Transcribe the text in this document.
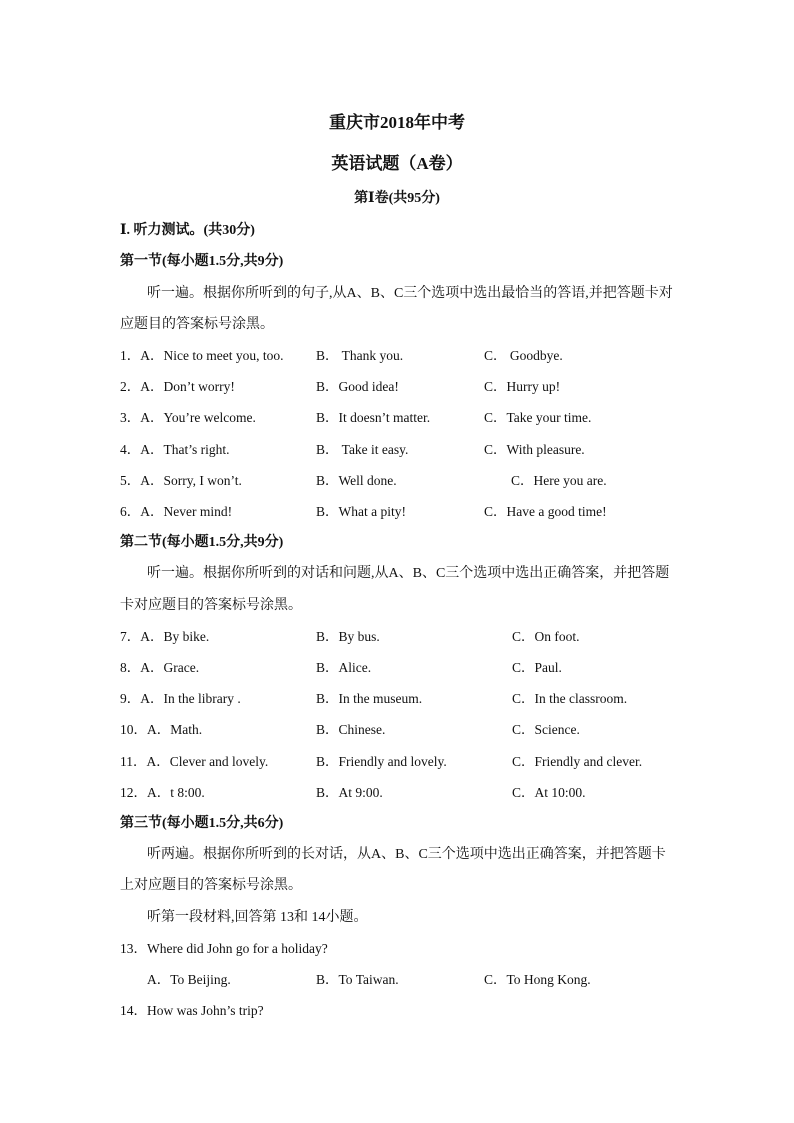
重庆市2018年中考
英语试题（A卷）
第Ⅰ卷(共95分)
Ⅰ. 听力测试。(共30分)
第一节(每小题1.5分,共9分)
听一遍。根据你所听到的句子,从A、B、C三个选项中选出最恰当的答语,并把答题卡对
应题目的答案标号涂黑。
1．A．Nice to meet you, too. B． Thank you.	C． Goodbye.
2．A．Don’t worry!	B．Good idea!	C．Hurry up!
3．A．You’re welcome.	B．It doesn’t matter.	C．Take your time.
4．A．That’s right.	B． Take it easy.	C．With pleasure.
5．A．Sorry, I won’t.	B．Well done.	C．Here you are.
6．A．Never mind!	B．What a pity!	C．Have a good time!
第二节(每小题1.5分,共9分)
听一遍。根据你所听到的对话和问题,从A、B、C三个选项中选出正确答案，并把答题
卡对应题目的答案标号涂黑。
7．A．By bike.	B．By bus.	C．On foot.
8．A．Grace.	B．Alice.	C．Paul.
9．A．In the library .	B．In the museum.	C．In the classroom.
10．A．Math.	B．Chinese.	C．Science.
11．A．Clever and lovely.	B．Friendly and lovely.	C．Friendly and clever.
12．A．t 8:00.	B．At 9:00.	C．At 10:00.
第三节(每小题1.5分,共6分)
听两遍。根据你所听到的长对话，从A、B、C三个选项中选出正确答案，并把答题卡
上对应题目的答案标号涂黑。
听第一段材料,回答第 13和 14小题。
13．Where did John go for a holiday?
A．To Beijing.	B．To Taiwan.	C．To Hong Kong.
14．How was John’s trip?
